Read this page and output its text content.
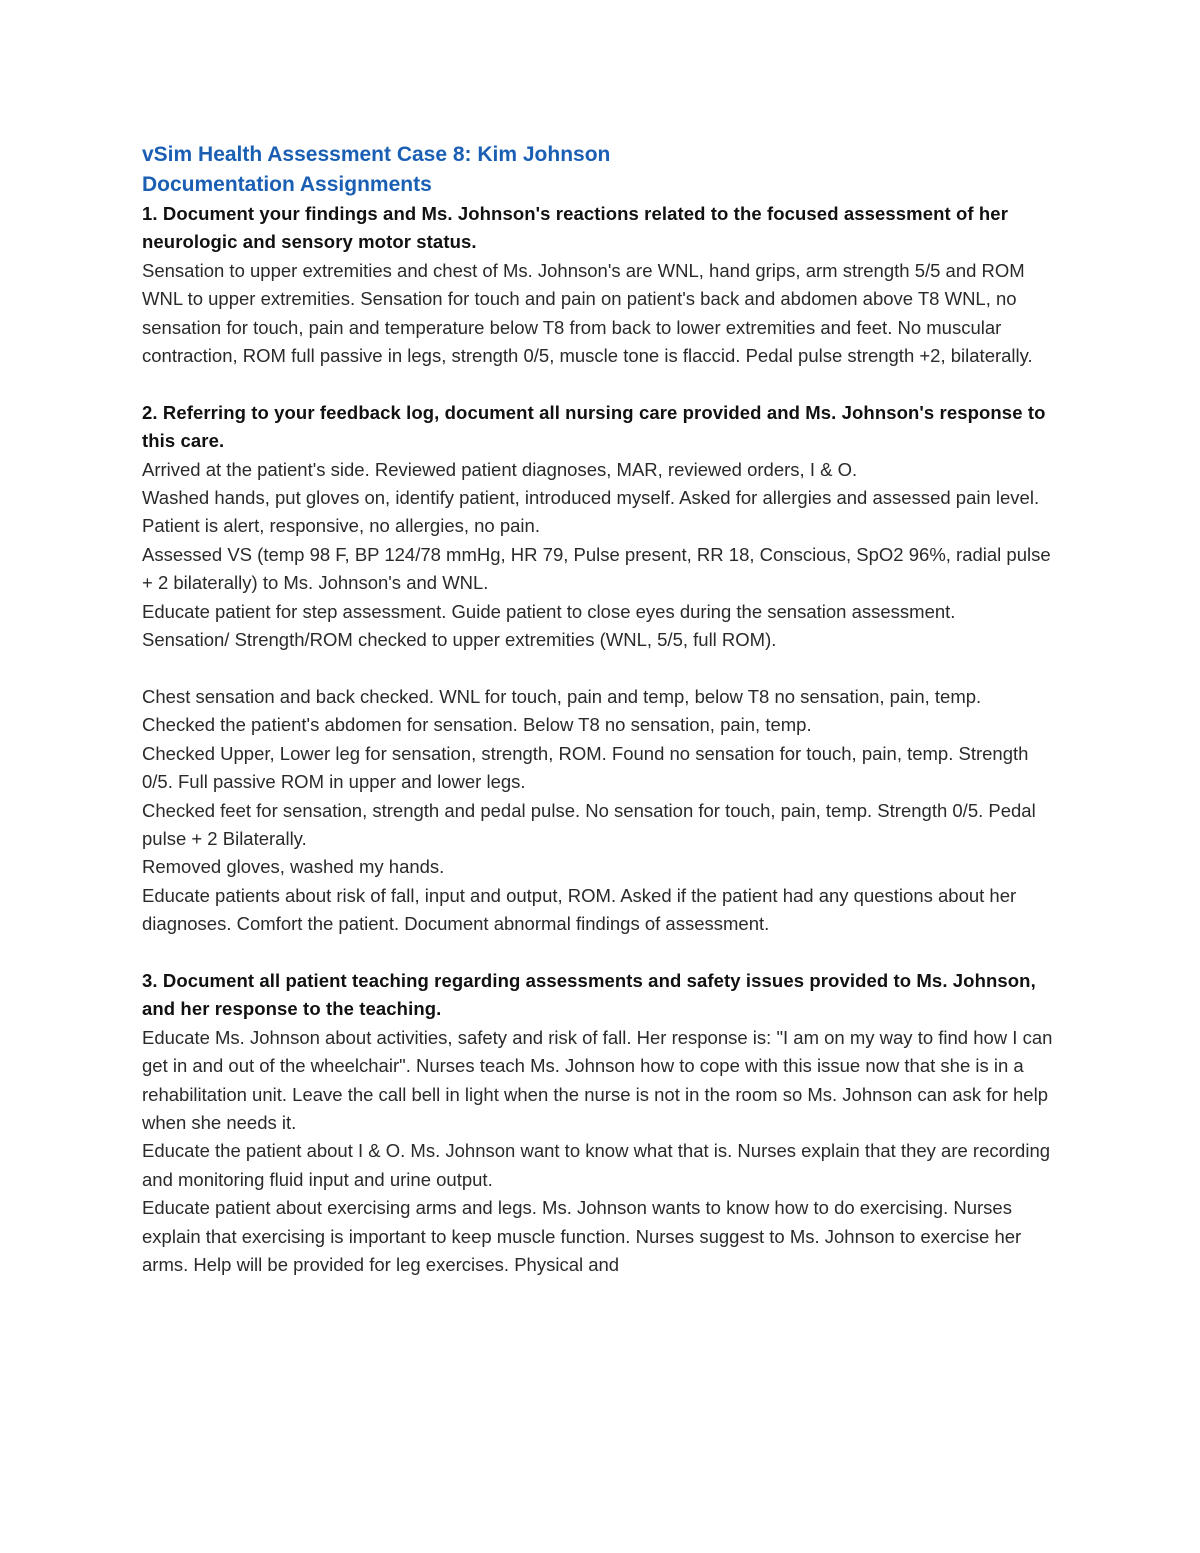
vSim Health Assessment Case 8: Kim Johnson
Documentation Assignments

1. Document your findings and Ms. Johnson's reactions related to the focused assessment of her neurologic and sensory motor status.

Sensation to upper extremities and chest of Ms. Johnson's are WNL, hand grips, arm strength 5/5 and ROM WNL to upper extremities. Sensation for touch and pain on patient's back and abdomen above T8 WNL, no sensation for touch, pain and temperature below T8 from back to lower extremities and feet. No muscular contraction, ROM full passive in legs, strength 0/5, muscle tone is flaccid. Pedal pulse strength +2, bilaterally.

2. Referring to your feedback log, document all nursing care provided and Ms. Johnson's response to this care.

Arrived at the patient's side. Reviewed patient diagnoses, MAR, reviewed orders, I & O.

Washed hands, put gloves on, identify patient, introduced myself. Asked for allergies and assessed pain level. Patient is alert, responsive, no allergies, no pain.

Assessed VS (temp 98 F, BP 124/78 mmHg, HR 79, Pulse present, RR 18, Conscious, SpO2 96%, radial pulse + 2 bilaterally) to Ms. Johnson's and WNL.

Educate patient for step assessment. Guide patient to close eyes during the sensation assessment.

Sensation/ Strength/ROM checked to upper extremities (WNL, 5/5, full ROM).

Chest sensation and back checked. WNL for touch, pain and temp, below T8 no sensation, pain, temp.

Checked the patient's abdomen for sensation. Below T8 no sensation, pain, temp.

Checked Upper, Lower leg for sensation, strength, ROM. Found no sensation for touch, pain, temp. Strength 0/5. Full passive ROM in upper and lower legs.

Checked feet for sensation, strength and pedal pulse. No sensation for touch, pain, temp. Strength 0/5. Pedal pulse + 2 Bilaterally.

Removed gloves, washed my hands.

Educate patients about risk of fall, input and output, ROM. Asked if the patient had any questions about her diagnoses. Comfort the patient. Document abnormal findings of assessment.

3. Document all patient teaching regarding assessments and safety issues provided to Ms. Johnson, and her response to the teaching.

Educate Ms. Johnson about activities, safety and risk of fall. Her response is: "I am on my way to find how I can get in and out of the wheelchair". Nurses teach Ms. Johnson how to cope with this issue now that she is in a rehabilitation unit. Leave the call bell in light when the nurse is not in the room so Ms. Johnson can ask for help when she needs it.

Educate the patient about I & O. Ms. Johnson want to know what that is. Nurses explain that they are recording and monitoring fluid input and urine output.

Educate patient about exercising arms and legs. Ms. Johnson wants to know how to do exercising. Nurses explain that exercising is important to keep muscle function. Nurses suggest to Ms. Johnson to exercise her arms. Help will be provided for leg exercises. Physical and
